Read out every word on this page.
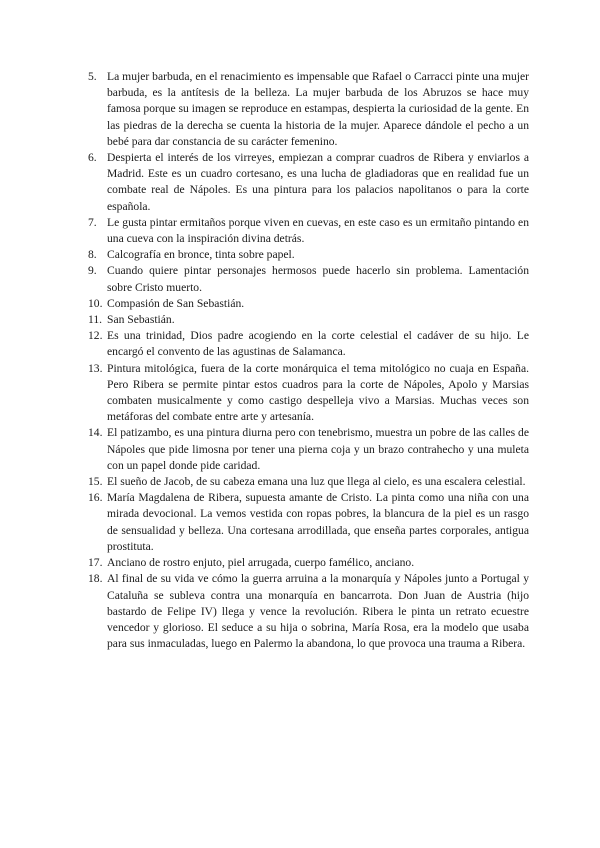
5. La mujer barbuda, en el renacimiento es impensable que Rafael o Carracci pinte una mujer barbuda, es la antítesis de la belleza. La mujer barbuda de los Abruzos se hace muy famosa porque su imagen se reproduce en estampas, despierta la curiosidad de la gente. En las piedras de la derecha se cuenta la historia de la mujer. Aparece dándole el pecho a un bebé para dar constancia de su carácter femenino.
6. Despierta el interés de los virreyes, empiezan a comprar cuadros de Ribera y enviarlos a Madrid. Este es un cuadro cortesano, es una lucha de gladiadoras que en realidad fue un combate real de Nápoles. Es una pintura para los palacios napolitanos o para la corte española.
7. Le gusta pintar ermitaños porque viven en cuevas, en este caso es un ermitaño pintando en una cueva con la inspiración divina detrás.
8. Calcografía en bronce, tinta sobre papel.
9. Cuando quiere pintar personajes hermosos puede hacerlo sin problema. Lamentación sobre Cristo muerto.
10. Compasión de San Sebastián.
11. San Sebastián.
12. Es una trinidad, Dios padre acogiendo en la corte celestial el cadáver de su hijo. Le encargó el convento de las agustinas de Salamanca.
13. Pintura mitológica, fuera de la corte monárquica el tema mitológico no cuaja en España. Pero Ribera se permite pintar estos cuadros para la corte de Nápoles, Apolo y Marsias combaten musicalmente y como castigo despelleja vivo a Marsias. Muchas veces son metáforas del combate entre arte y artesanía.
14. El patizambo, es una pintura diurna pero con tenebrismo, muestra un pobre de las calles de Nápoles que pide limosna por tener una pierna coja y un brazo contrahecho y una muleta con un papel donde pide caridad.
15. El sueño de Jacob, de su cabeza emana una luz que llega al cielo, es una escalera celestial.
16. María Magdalena de Ribera, supuesta amante de Cristo. La pinta como una niña con una mirada devocional. La vemos vestida con ropas pobres, la blancura de la piel es un rasgo de sensualidad y belleza. Una cortesana arrodillada, que enseña partes corporales, antigua prostituta.
17. Anciano de rostro enjuto, piel arrugada, cuerpo famélico, anciano.
18. Al final de su vida ve cómo la guerra arruina a la monarquía y Nápoles junto a Portugal y Cataluña se subleva contra una monarquía en bancarrota. Don Juan de Austria (hijo bastardo de Felipe IV) llega y vence la revolución. Ribera le pinta un retrato ecuestre vencedor y glorioso. El seduce a su hija o sobrina, María Rosa, era la modelo que usaba para sus inmaculadas, luego en Palermo la abandona, lo que provoca una trauma a Ribera.
